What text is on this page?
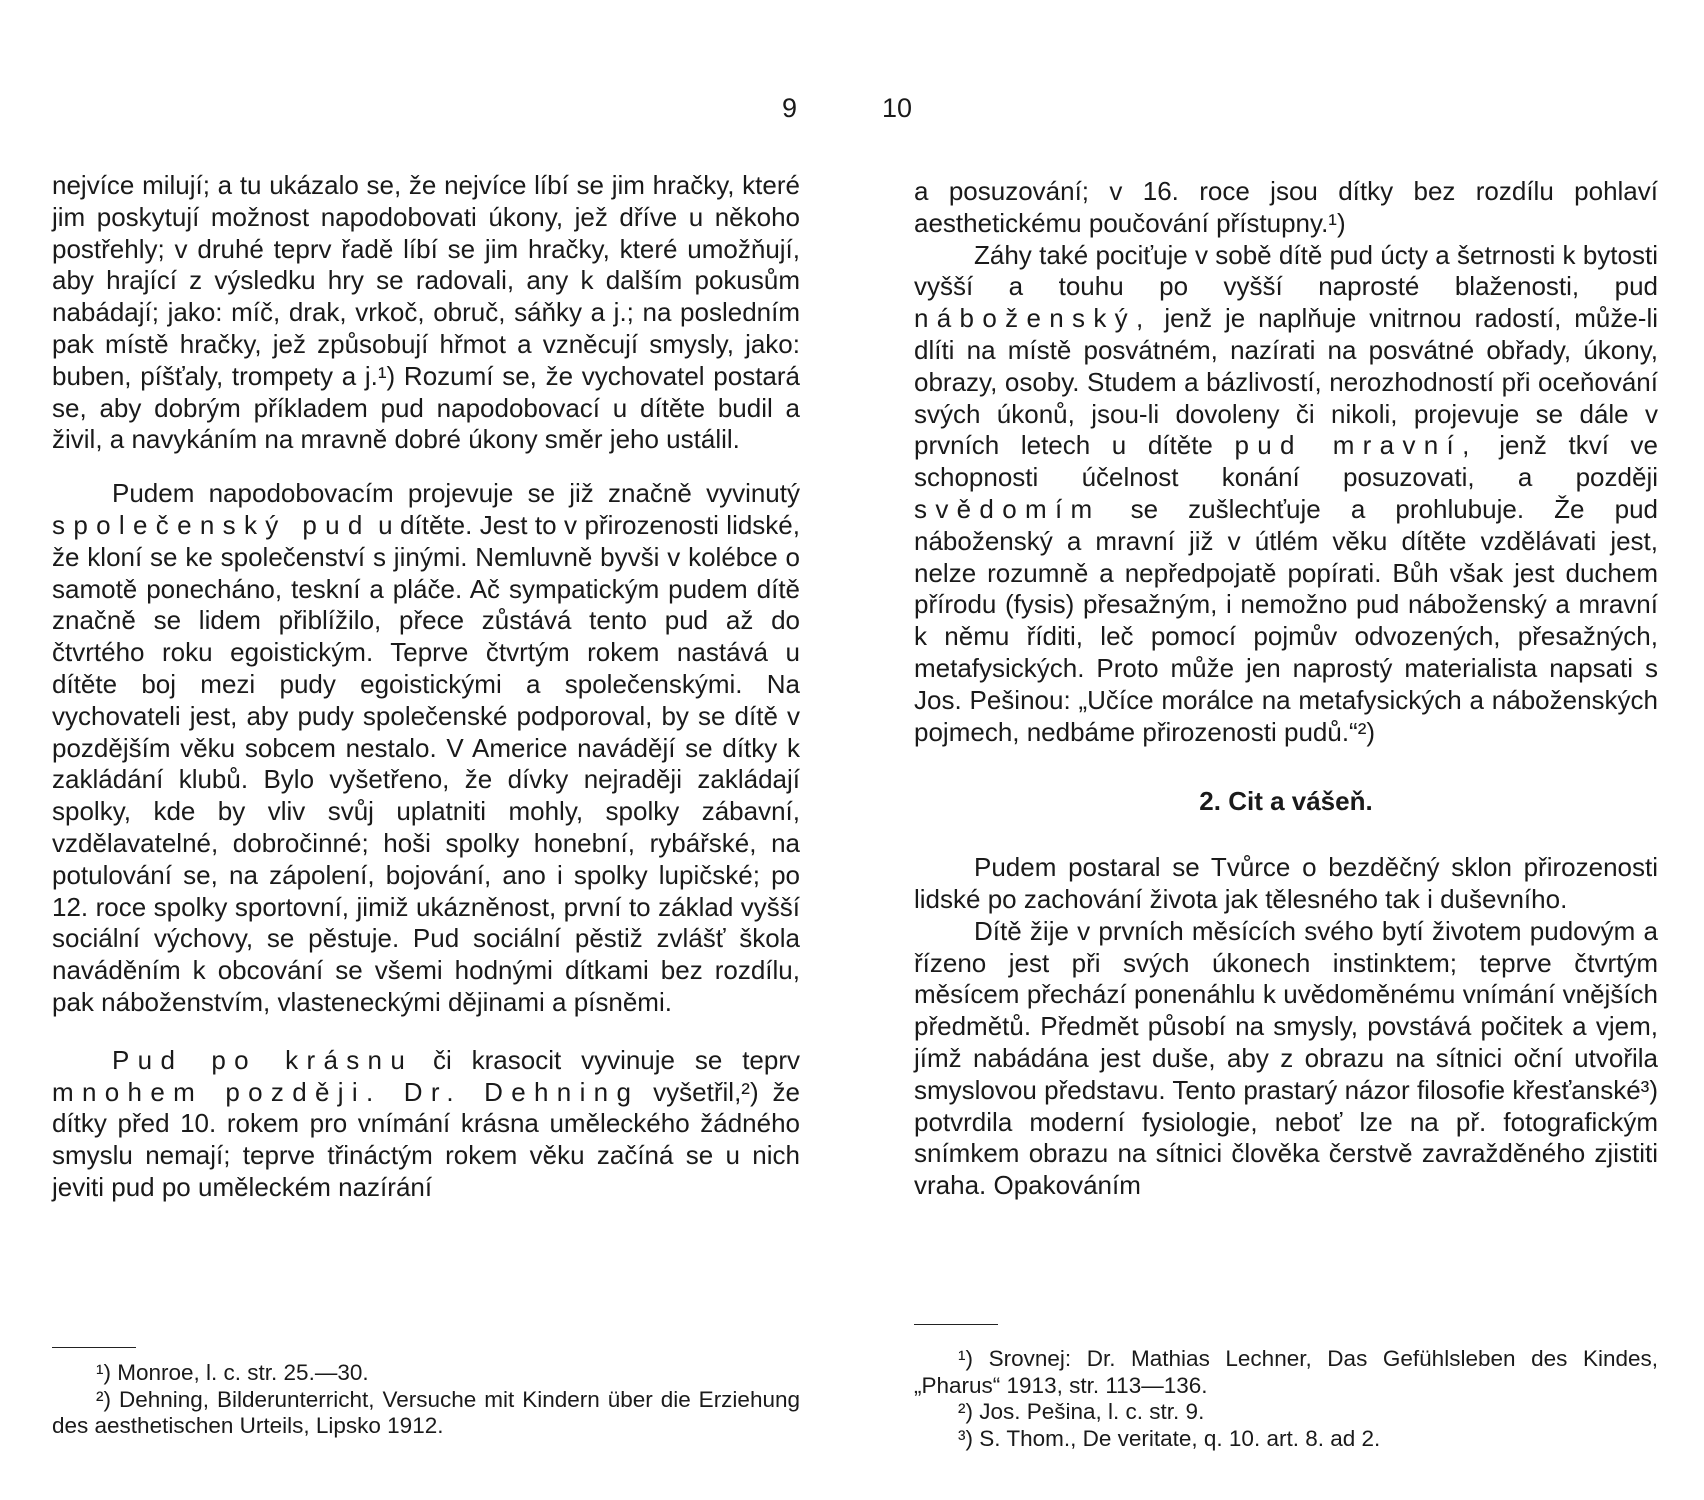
9

nejvíce milují; a tu ukázalo se, že nejvíce líbí se jim hračky, které jim poskytují možnost napodobovati úkony, jež dříve u někoho postřehly; v druhé teprv řadě líbí se jim hračky, které umožňují, aby hrající z výsledku hry se radovali, any k dalším pokusům nabádají; jako: míč, drak, vrkoč, obruč, sáňky a j.; na posledním pak místě hračky, jež způsobují hřmot a vzněcují smysly, jako: buben, píšťaly, trompety a j.¹) Rozumí se, že vychovatel postará se, aby dobrým příkladem pud napodobovací u dítěte budil a živil, a navykáním na mravně dobré úkony směr jeho ustálil.

Pudem napodobovacím projevuje se již značně vyvinutý společenský pud u dítěte. Jest to v přirozenosti lidské, že kloní se ke společenství s jinými. Nemluvně byvši v kolébce o samotě ponecháno, teskní a pláče. Ač sympatickým pudem dítě značně se lidem přiblížilo, přece zůstává tento pud až do čtvrtého roku egoistickým. Teprve čtvrtým rokem nastává u dítěte boj mezi pudy egoistickými a společenskými. Na vychovateli jest, aby pudy společenské podporoval, by se dítě v pozdějším věku sobcem nestalo. V Americe navádějí se dítky k zakládání klubů. Bylo vyšetřeno, že dívky nejraději zakládají spolky, kde by vliv svůj uplatniti mohly, spolky zábavní, vzdělavatelné, dobročinné; hoši spolky honební, rybářské, na potulování se, na zápolení, bojování, ano i spolky lupičské; po 12. roce spolky sportovní, jimiž ukázněnost, první to základ vyšší sociální výchovy, se pěstuje. Pud sociální pěstiž zvlášť škola naváděním k obcování se všemi hodnými dítkami bez rozdílu, pak náboženstvím, vlasteneckými dějinami a písněmi.

Pud po krásnu či krasocit vyvinuje se teprv mnohem později. Dr. Dehning vyšetřil,²) že dítky před 10. rokem pro vnímání krásna uměleckého žádného smyslu nemají; teprve třináctým rokem věku začíná se u nich jeviti pud po uměleckém nazírání

¹) Monroe, l. c. str. 25.—30.

²) Dehning, Bilderunterricht, Versuche mit Kindern über die Erziehung des aesthetischen Urteils, Lipsko 1912.

10

a posuzování; v 16. roce jsou dítky bez rozdílu pohlaví aesthetickému poučování přístupny.¹)

Záhy také pociťuje v sobě dítě pud úcty a šetrnosti k bytosti vyšší a touhu po vyšší naprosté blaženosti, pud náboženský, jenž je naplňuje vnitrnou radostí, může-li dlíti na místě posvátném, nazírati na posvátné obřady, úkony, obrazy, osoby. Studem a bázlivostí, nerozhodností při oceňování svých úkonů, jsou-li dovoleny či nikoli, projevuje se dále v prvních letech u dítěte pud mravní, jenž tkví ve schopnosti účelnost konání posuzovati, a později svědomím se zušlechťuje a prohlubuje. Že pud náboženský a mravní již v útlém věku dítěte vzdělávati jest, nelze rozumně a nepředpojatě popírati. Bůh však jest duchem přírodu (fysis) přesažným, i nemožno pud náboženský a mravní k němu říditi, leč pomocí pojmův odvozených, přesažných, metafysických. Proto může jen naprostý materialista napsati s Jos. Pešinou: „Učíce morálce na metafysických a náboženských pojmech, nedbáme přirozenosti pudů.“²)

2. Cit a vášeň.

Pudem postaral se Tvůrce o bezděčný sklon přirozenosti lidské po zachování života jak tělesného tak i duševního.

Dítě žije v prvních měsících svého bytí životem pudovým a řízeno jest při svých úkonech instinktem; teprve čtvrtým měsícem přechází ponenáhlu k uvědoměnému vnímání vnějších předmětů. Předmět působí na smysly, povstává počitek a vjem, jímž nabádána jest duše, aby z obrazu na sítnici oční utvořila smyslovou představu. Tento prastarý názor filosofie křesťanské³) potvrdila moderní fysiologie, neboť lze na př. fotografickým snímkem obrazu na sítnici člověka čerstvě zavražděného zjistiti vraha. Opakováním

¹) Srovnej: Dr. Mathias Lechner, Das Gefühlsleben des Kindes, „Pharus“ 1913, str. 113—136.

²) Jos. Pešina, l. c. str. 9.

³) S. Thom., De veritate, q. 10. art. 8. ad 2.
